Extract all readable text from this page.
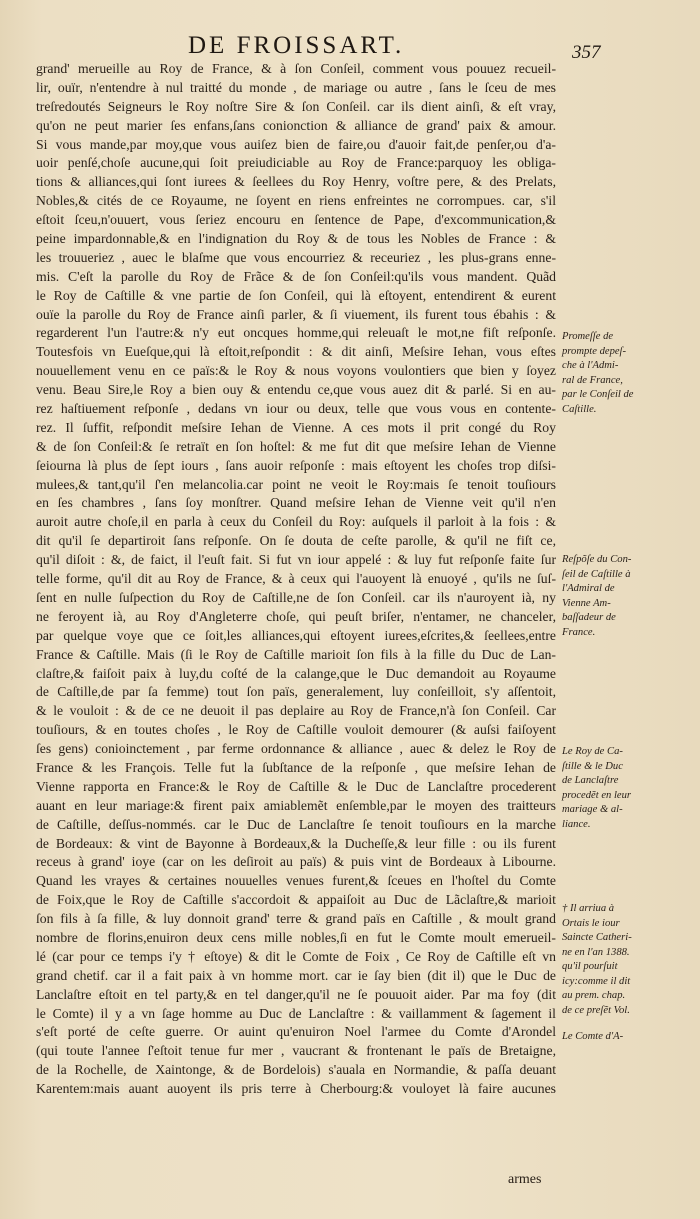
DE FROISSART.	357
grand' merueille au Roy de France, & à ſon Conſeil, comment vous pouuez recueil-
lir, ouïr, n'entendre à nul traitté du monde , de mariage ou autre , ſans le ſceu de mes
treſredoutés Seigneurs le Roy noſtre Sire & ſon Conſeil. car ils dient ainſi, & eſt vray,
qu'on ne peut marier ſes enfans,ſans conionction & alliance de grand' paix & amour.
Si vous mande,par moy,que vous auiſez bien de faire,ou d'auoir fait,de penſer,ou d'a-
uoir penſé,choſe aucune,qui ſoit preiudiciable au Roy de France:parquoy les obliga-
tions & alliances,qui ſont iurees & ſeellees du Roy Henry, voſtre pere, & des Prelats,
Nobles,& cités de ce Royaume, ne ſoyent en riens enfreintes ne corrompues. car, s'il
eſtoit ſceu,n'ouuert, vous ſeriez encouru en ſentence de Pape, d'excommunication,&
peine impardonnable,& en l'indignation du Roy & de tous les Nobles de France : &
les trouueriez , auec le blaſme que vous encourriez & receuriez , les plus-grans enne-
mis. C'eſt la parolle du Roy de Frãce & de ſon Conſeil:qu'ils vous mandent. Quãd
le Roy de Caſtille & vne partie de ſon Conſeil, qui là eſtoyent, entendirent & eurent
ouïe la parolle du Roy de France ainſi parler, & ſi viuement, ils furent tous ébahis : &
regarderent l'un l'autre:& n'y eut oncques homme,qui releuaſt le mot,ne fiſt reſponſe.
Toutesfois vn Eueſque,qui là eſtoit,reſpondit : & dit ainſi, Meſsire Iehan, vous eſtes
nouuellement venu en ce païs:& le Roy & nous voyons voulontiers que bien y ſoyez
venu. Beau Sire,le Roy a bien ouy & entendu ce,que vous auez dit & parlé. Si en au-
rez haſtiuement reſponſe , dedans vn iour ou deux, telle que vous vous en contente-
rez. Il ſuffit, reſpondit meſsire Iehan de Vienne. A ces mots il prit congé du Roy
& de ſon Conſeil:& ſe retraït en ſon hoſtel: & me fut dit que meſsire Iehan de Vienne
ſeiourna là plus de ſept iours , ſans auoir reſponſe : mais eſtoyent les choſes trop diſsi-
mulees,& tant,qu'il ſ'en melancolia.car point ne veoit le Roy:mais ſe tenoit touſiours
en ſes chambres , ſans ſoy monſtrer. Quand meſsire Iehan de Vienne veit qu'il n'en
auroit autre choſe,il en parla à ceux du Conſeil du Roy: auſquels il parloit à la fois : &
dit qu'il ſe departiroit ſans reſponſe. On ſe douta de ceſte parolle, & qu'il ne fiſt ce,
qu'il diſoit : &, de faict, il l'euſt fait. Si fut vn iour appelé : & luy fut reſponſe faite ſur
telle forme, qu'il dit au Roy de France, & à ceux qui l'auoyent là enuoyé , qu'ils ne ſuſ-
ſent en nulle ſuſpection du Roy de Caſtille,ne de ſon Conſeil. car ils n'auroyent ià, ny
ne feroyent ià, au Roy d'Angleterre choſe, qui peuſt briſer, n'entamer, ne chanceler,
par quelque voye que ce ſoit,les alliances,qui eſtoyent iurees,eſcrites,& ſeellees,entre
France & Caſtille. Mais (ſi le Roy de Caſtille marioit ſon fils à la fille du Duc de Lan-
claſtre,& faiſoit paix à luy,du coſté de la calange,que le Duc demandoit au Royaume
de Caſtille,de par ſa femme) tout ſon païs, generalement, luy conſeilloit, s'y aſſentoit,
& le vouloit : & de ce ne deuoit il pas deplaire au Roy de France,n'à ſon Conſeil. Car
touſiours, & en toutes choſes , le Roy de Caſtille vouloit demourer (& auſsi faiſoyent
ſes gens) conioinctement , par ferme ordonnance & alliance , auec & delez le Roy de
France & les François. Telle fut la ſubſtance de la reſponſe , que meſsire Iehan de
Vienne rapporta en France:& le Roy de Caſtille & le Duc de Lanclaſtre procederent
auant en leur mariage:& firent paix amiablemẽt enſemble,par le moyen des traitteurs
de Caſtille, deſſus-nommés. car le Duc de Lanclaſtre ſe tenoit touſiours en la marche
de Bordeaux: & vint de Bayonne à Bordeaux,& la Ducheſſe,& leur fille : ou ils furent
receus à grand' ioye (car on les deſiroit au païs) & puis vint de Bordeaux à Libourne.
Quand les vrayes & certaines nouuelles venues furent,& ſceues en l'hoſtel du Comte
de Foix,que le Roy de Caſtille s'accordoit & appaiſoit au Duc de Lãclaſtre,& marioit
ſon fils à ſa fille, & luy donnoit grand' terre & grand païs en Caſtille , & moult grand
nombre de florins,enuiron deux cens mille nobles,ſi en fut le Comte moult emerueil-
lé (car pour ce temps i'y † eſtoye) & dit le Comte de Foix , Ce Roy de Caſtille eſt vn
grand chetif. car il a fait paix à vn homme mort. car ie ſay bien (dit il) que le Duc de
Lanclaſtre eſtoit en tel party,& en tel danger,qu'il ne ſe pouuoit aider. Par ma foy (dit
le Comte) il y a vn ſage homme au Duc de Lanclaſtre : & vaillamment & ſagement il
s'eſt porté de ceſte guerre. Or auint qu'enuiron Noel l'armee du Comte d'Arondel
(qui toute l'annee ſ'eſtoit tenue fur mer , vaucrant & frontenant le païs de Bretaigne,
de la Rochelle, de Xaintonge, & de Bordelois) s'auala en Normandie, & paſſa deuant
Karentem:mais auant auoyent ils pris terre à Cherbourg:& vouloyet là faire aucunes
armes
Promeſſe de
prompte depeſ-
che à l'Admi-
ral de France,
par le Conſeil de
Caſtille.
Reſpõſe du Con-
ſeil de Caſtille à
l'Admiral de
Vienne Am-
baſſadeur de
France.
Le Roy de Ca-
ſtille & le Duc
de Lanclaſtre
procedẽt en leur
mariage & al-
liance.
† Il arriua à
Ortais le iour
Saincte Catheri-
ne en l'an 1388.
qu'il pourſuit
icy:comme il dit
au prem. chap.
de ce preſẽt Vol.
Le Comte d'A-
